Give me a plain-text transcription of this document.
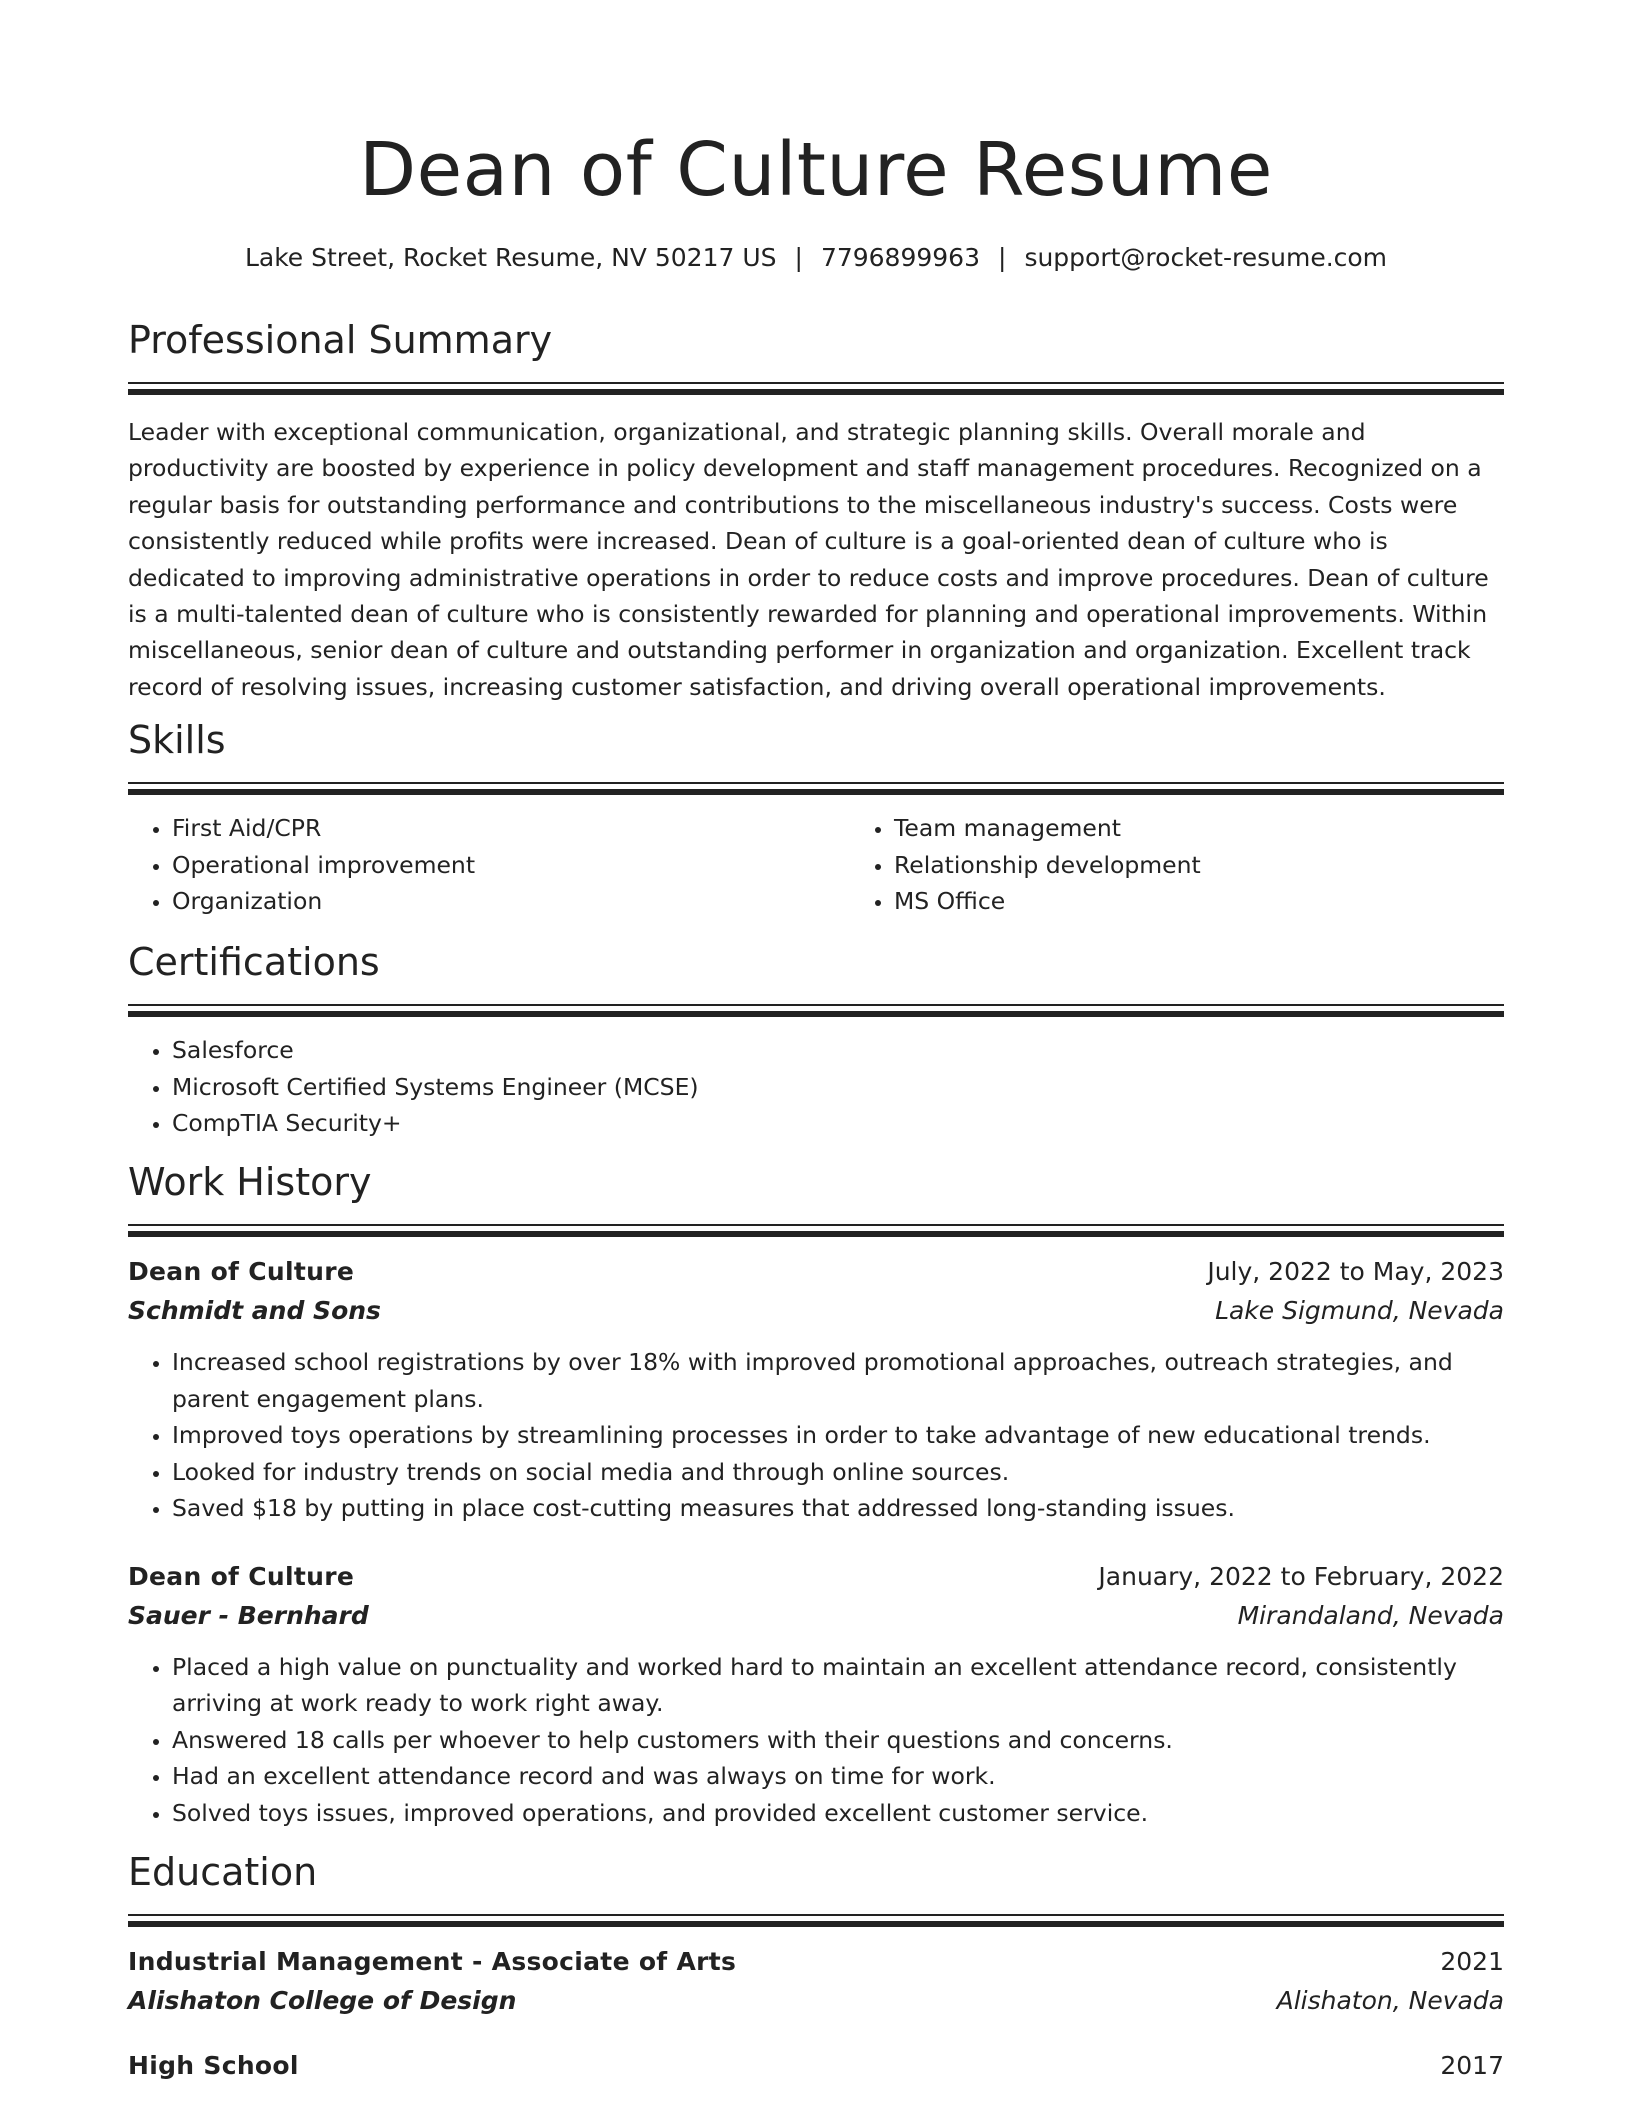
Dean of Culture Resume
Lake Street, Rocket Resume, NV 50217 US | 7796899963 | support@rocket-resume.com
Professional Summary

Leader with exceptional communication, organizational, and strategic planning skills. Overall morale and productivity are boosted by experience in policy development and staff management procedures. Recognized on a regular basis for outstanding performance and contributions to the miscellaneous industry's success. Costs were consistently reduced while profits were increased. Dean of culture is a goal-oriented dean of culture who is dedicated to improving administrative operations in order to reduce costs and improve procedures. Dean of culture is a multi-talented dean of culture who is consistently rewarded for planning and operational improvements. Within miscellaneous, senior dean of culture and outstanding performer in organization and organization. Excellent track record of resolving issues, increasing customer satisfaction, and driving overall operational improvements.

Skills
• First Aid/CPR
• Operational improvement
• Organization
• Team management
• Relationship development
• MS Office
Certifications
• Salesforce
• Microsoft Certified Systems Engineer (MCSE)
• CompTIA Security+
Work History
Dean of Culture	July, 2022 to May, 2023
Schmidt and Sons	Lake Sigmund, Nevada
• Increased school registrations by over 18% with improved promotional approaches, outreach strategies, and parent engagement plans.
• Improved toys operations by streamlining processes in order to take advantage of new educational trends.
• Looked for industry trends on social media and through online sources.
• Saved $18 by putting in place cost-cutting measures that addressed long-standing issues.
Dean of Culture	January, 2022 to February, 2022
Sauer - Bernhard	Mirandaland, Nevada
• Placed a high value on punctuality and worked hard to maintain an excellent attendance record, consistently arriving at work ready to work right away.
• Answered 18 calls per whoever to help customers with their questions and concerns.
• Had an excellent attendance record and was always on time for work.
• Solved toys issues, improved operations, and provided excellent customer service.
Education
Industrial Management - Associate of Arts	2021
Alishaton College of Design	Alishaton, Nevada
High School	2017
